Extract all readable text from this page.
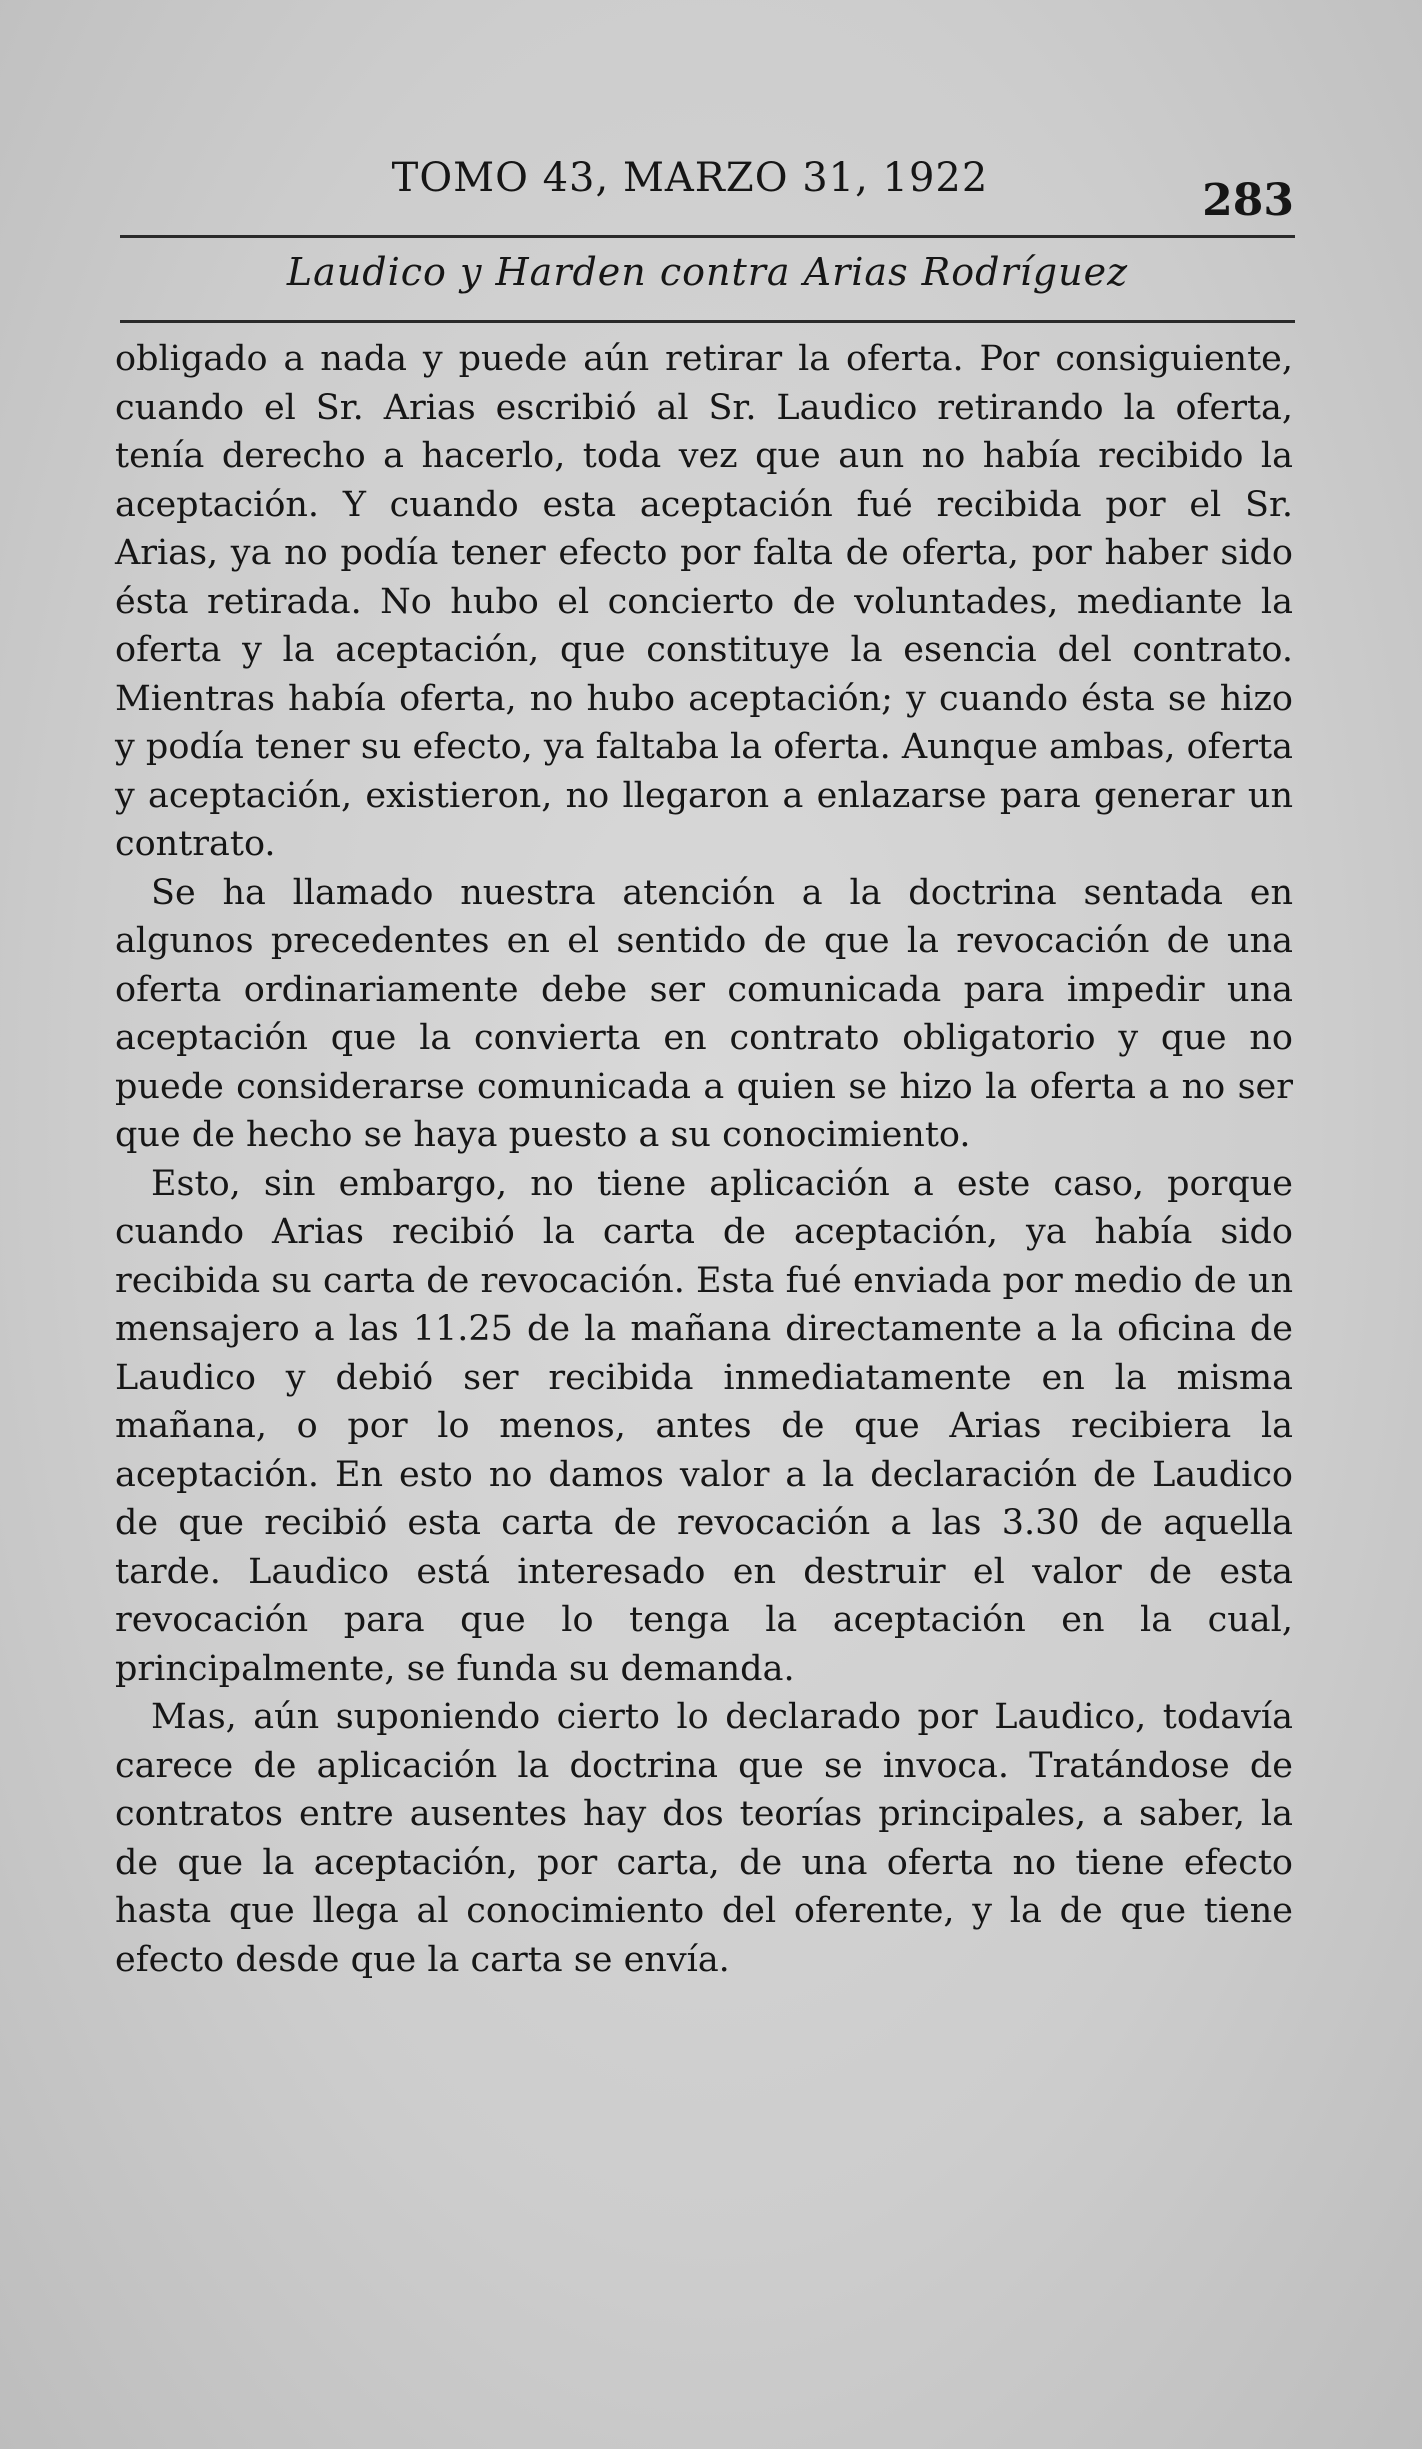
TOMO 43, MARZO 31, 1922	283
Laudico y Harden contra Arias Rodríguez

obligado a nada y puede aún retirar la oferta. Por consiguiente, cuando el Sr. Arias escribió al Sr. Laudico retirando la oferta, tenía derecho a hacerlo, toda vez que aun no había recibido la aceptación. Y cuando esta aceptación fué recibida por el Sr. Arias, ya no podía tener efecto por falta de oferta, por haber sido ésta retirada. No hubo el concierto de voluntades, mediante la oferta y la aceptación, que constituye la esencia del contrato. Mientras había oferta, no hubo aceptación; y cuando ésta se hizo y podía tener su efecto, ya faltaba la oferta. Aunque ambas, oferta y aceptación, existieron, no llegaron a enlazarse para generar un contrato.

Se ha llamado nuestra atención a la doctrina sentada en algunos precedentes en el sentido de que la revocación de una oferta ordinariamente debe ser comunicada para impedir una aceptación que la convierta en contrato obligatorio y que no puede considerarse comunicada a quien se hizo la oferta a no ser que de hecho se haya puesto a su conocimiento.

Esto, sin embargo, no tiene aplicación a este caso, porque cuando Arias recibió la carta de aceptación, ya había sido recibida su carta de revocación. Esta fué enviada por medio de un mensajero a las 11.25 de la mañana directamente a la oficina de Laudico y debió ser recibida inmediatamente en la misma mañana, o por lo menos, antes de que Arias recibiera la aceptación. En esto no damos valor a la declaración de Laudico de que recibió esta carta de revocación a las 3.30 de aquella tarde. Laudico está interesado en destruir el valor de esta revocación para que lo tenga la aceptación en la cual, principalmente, se funda su demanda.

Mas, aún suponiendo cierto lo declarado por Laudico, todavía carece de aplicación la doctrina que se invoca. Tratándose de contratos entre ausentes hay dos teorías principales, a saber, la de que la aceptación, por carta, de una oferta no tiene efecto hasta que llega al conocimiento del oferente, y la de que tiene efecto desde que la carta se envía.
